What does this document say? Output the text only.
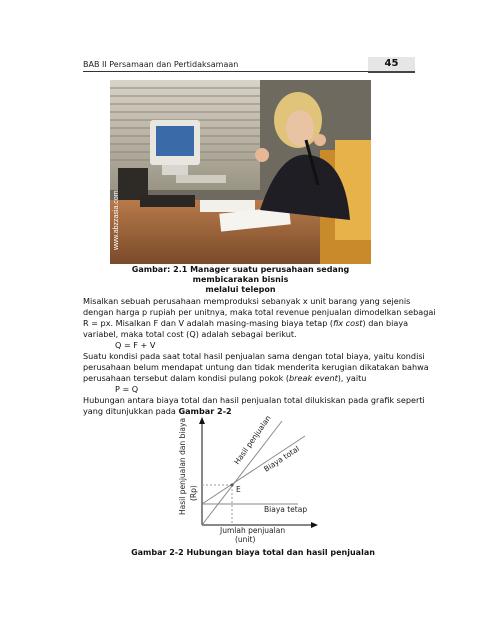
BAB II Persamaan dan Pertidaksamaan	45
www.abzzasia.com
Gambar: 2.1 Manager suatu perusahaan sedang membicarakan bisnis
melalui telepon

Misalkan sebuah perusahaan memproduksi sebanyak x unit barang yang sejenis

dengan harga p rupiah per unitnya, maka total revenue penjualan dimodelkan sebagai

R = px. Misalkan F dan V adalah masing-masing biaya tetap (fix cost) dan biaya

variabel, maka total cost (Q) adalah sebagai berikut.

Q = F + V

Suatu kondisi pada saat total hasil penjualan sama dengan total biaya, yaitu kondisi

perusahaan belum mendapat untung dan tidak menderita kerugian dikatakan bahwa

perusahaan tersebut dalam kondisi pulang pokok (break event), yaitu

P = Q

Hubungan antara biaya total dan hasil penjualan total dilukiskan pada grafik seperti

yang ditunjukkan pada Gambar 2-2

Hasil penjualan dan biaya (Rp)	E
Hasil penjualan
Biaya total
Biaya tetap
Jumlah penjualan
(unit)
Gambar 2-2 Hubungan biaya total dan hasil penjualan
